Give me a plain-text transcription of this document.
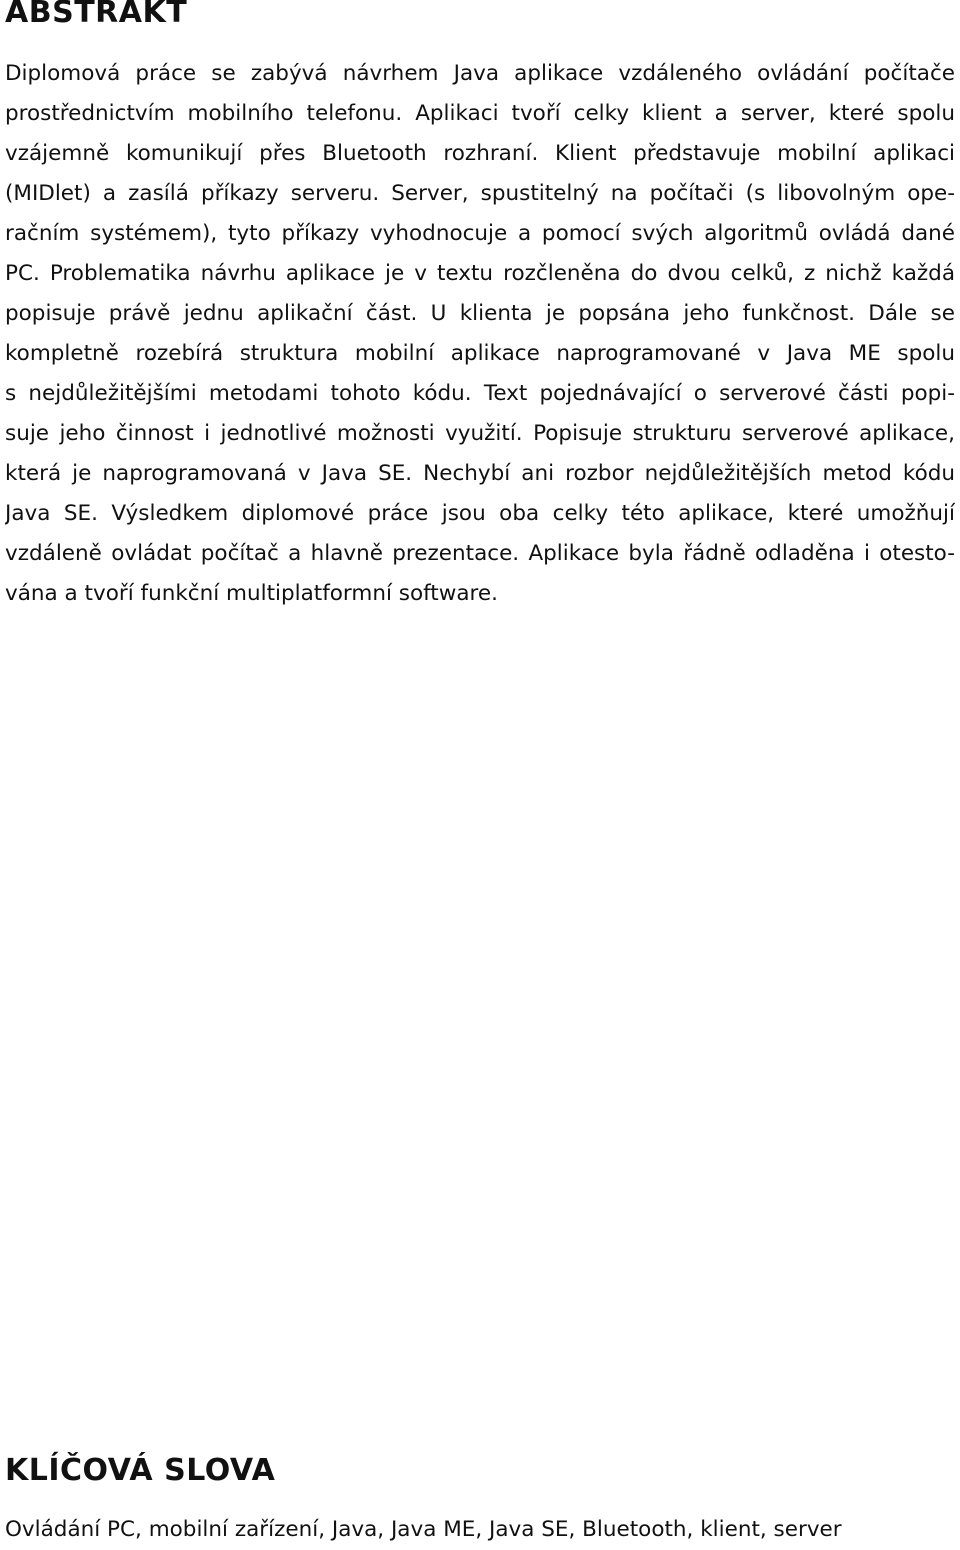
ABSTRAKT
Diplomová práce se zabývá návrhem Java aplikace vzdáleného ovládání počítače
prostřednictvím mobilního telefonu. Aplikaci tvoří celky klient a server, které spolu
vzájemně komunikují přes Bluetooth rozhraní. Klient představuje mobilní aplikaci
(MIDlet) a zasílá příkazy serveru. Server, spustitelný na počítači (s libovolným ope-
račním systémem), tyto příkazy vyhodnocuje a pomocí svých algoritmů ovládá dané
PC. Problematika návrhu aplikace je v textu rozčleněna do dvou celků, z nichž každá
popisuje právě jednu aplikační část. U klienta je popsána jeho funkčnost. Dále se
kompletně rozebírá struktura mobilní aplikace naprogramované v Java ME spolu
s nejdůležitějšími metodami tohoto kódu. Text pojednávající o serverové části popi-
suje jeho činnost i jednotlivé možnosti využití. Popisuje strukturu serverové aplikace,
která je naprogramovaná v Java SE. Nechybí ani rozbor nejdůležitějších metod kódu
Java SE. Výsledkem diplomové práce jsou oba celky této aplikace, které umožňují
vzdáleně ovládat počítač a hlavně prezentace. Aplikace byla řádně odladěna i otesto-
vána a tvoří funkční multiplatformní software.
KLÍČOVÁ SLOVA
Ovládání PC, mobilní zařízení, Java, Java ME, Java SE, Bluetooth, klient, server
